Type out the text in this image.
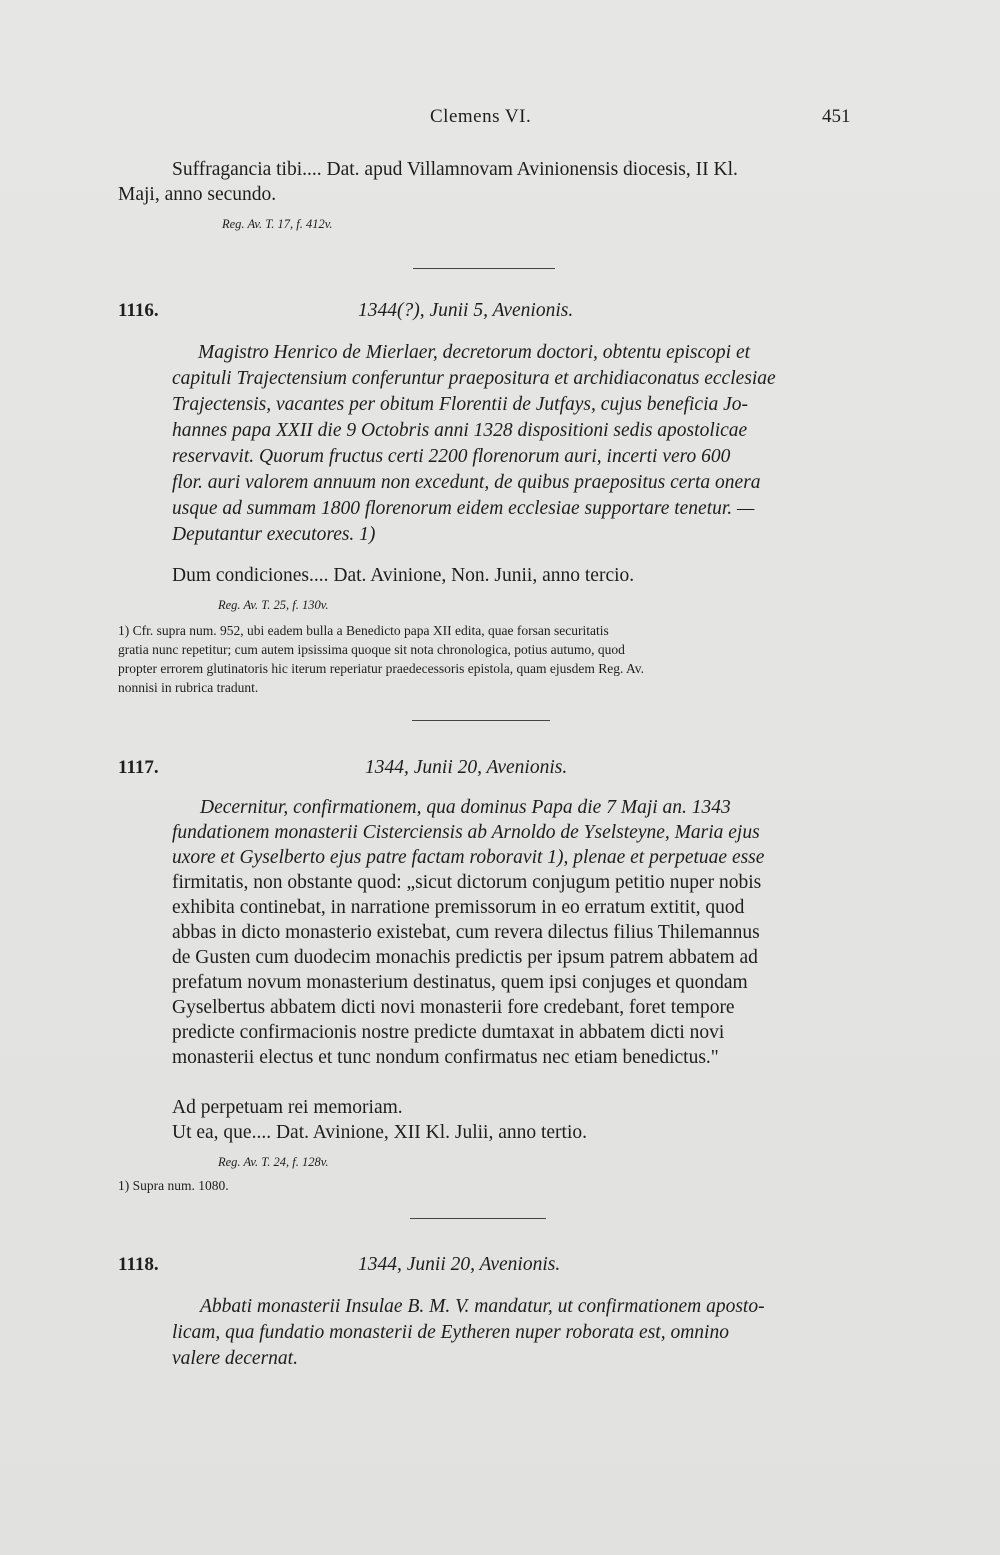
Clemens VI.	451
Suffragancia tibi.... Dat. apud Villamnovam Avinionensis diocesis, II Kl.
Maji, anno secundo.
Reg. Av. T. 17, f. 412v.
1116.	1344(?), Junii 5, Avenionis.
Magistro Henrico de Mierlaer, decretorum doctori, obtentu episcopi et
capituli Trajectensium conferuntur praepositura et archidiaconatus ecclesiae
Trajectensis, vacantes per obitum Florentii de Jutfays, cujus beneficia Jo-
hannes papa XXII die 9 Octobris anni 1328 dispositioni sedis apostolicae
reservavit. Quorum fructus certi 2200 florenorum auri, incerti vero 600
flor. auri valorem annuum non excedunt, de quibus praepositus certa onera
usque ad summam 1800 florenorum eidem ecclesiae supportare tenetur. —
Deputantur executores. 1)
Dum condiciones.... Dat. Avinione, Non. Junii, anno tercio.
Reg. Av. T. 25, f. 130v.
1) Cfr. supra num. 952, ubi eadem bulla a Benedicto papa XII edita, quae forsan securitatis
gratia nunc repetitur; cum autem ipsissima quoque sit nota chronologica, potius autumo, quod
propter errorem glutinatoris hic iterum reperiatur praedecessoris epistola, quam ejusdem Reg. Av.
nonnisi in rubrica tradunt.
1117.	1344, Junii 20, Avenionis.
Decernitur, confirmationem, qua dominus Papa die 7 Maji an. 1343
fundationem monasterii Cisterciensis ab Arnoldo de Yselsteyne, Maria ejus
uxore et Gyselberto ejus patre factam roboravit 1), plenae et perpetuae esse
firmitatis, non obstante quod: „sicut dictorum conjugum petitio nuper nobis
exhibita continebat, in narratione premissorum in eo erratum extitit, quod
abbas in dicto monasterio existebat, cum revera dilectus filius Thilemannus
de Gusten cum duodecim monachis predictis per ipsum patrem abbatem ad
prefatum novum monasterium destinatus, quem ipsi conjuges et quondam
Gyselbertus abbatem dicti novi monasterii fore credebant, foret tempore
predicte confirmacionis nostre predicte dumtaxat in abbatem dicti novi
monasterii electus et tunc nondum confirmatus nec etiam benedictus."
Ad perpetuam rei memoriam.
Ut ea, que.... Dat. Avinione, XII Kl. Julii, anno tertio.
Reg. Av. T. 24, f. 128v.
1) Supra num. 1080.
1118.	1344, Junii 20, Avenionis.
Abbati monasterii Insulae B. M. V. mandatur, ut confirmationem aposto-
licam, qua fundatio monasterii de Eytheren nuper roborata est, omnino
valere decernat.
